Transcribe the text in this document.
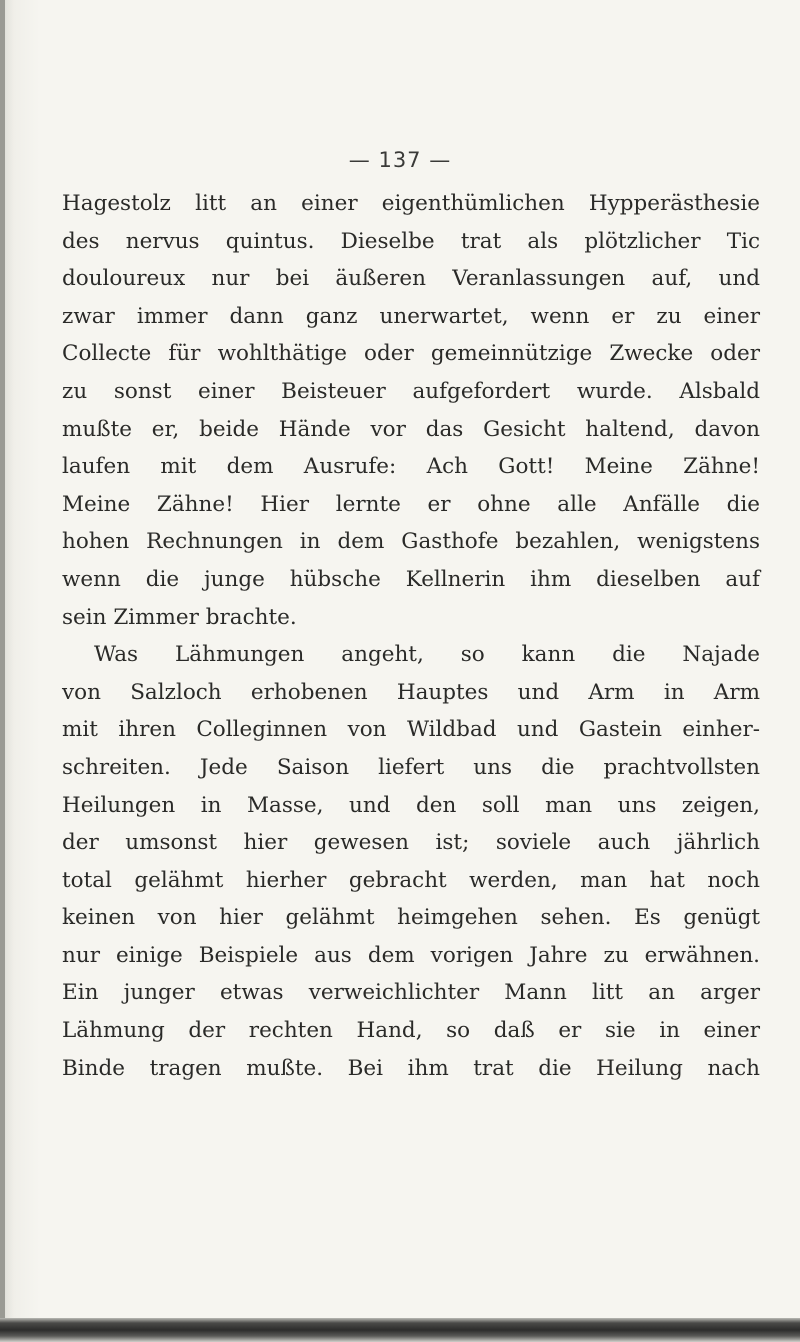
— 137 —
Hagestolz litt an einer eigenthümlichen Hypperästhesie
des nervus quintus. Dieselbe trat als plötzlicher Tic
douloureux nur bei äußeren Veranlassungen auf, und
zwar immer dann ganz unerwartet, wenn er zu einer
Collecte für wohlthätige oder gemeinnützige Zwecke oder
zu sonst einer Beisteuer aufgefordert wurde. Alsbald
mußte er, beide Hände vor das Gesicht haltend, davon
laufen mit dem Ausrufe: Ach Gott! Meine Zähne!
Meine Zähne! Hier lernte er ohne alle Anfälle die
hohen Rechnungen in dem Gasthofe bezahlen, wenigstens
wenn die junge hübsche Kellnerin ihm dieselben auf
sein Zimmer brachte.
Was Lähmungen angeht, so kann die Najade
von Salzloch erhobenen Hauptes und Arm in Arm
mit ihren Colleginnen von Wildbad und Gastein einher-
schreiten. Jede Saison liefert uns die prachtvollsten
Heilungen in Masse, und den soll man uns zeigen,
der umsonst hier gewesen ist; soviele auch jährlich
total gelähmt hierher gebracht werden, man hat noch
keinen von hier gelähmt heimgehen sehen. Es genügt
nur einige Beispiele aus dem vorigen Jahre zu erwähnen.
Ein junger etwas verweichlichter Mann litt an arger
Lähmung der rechten Hand, so daß er sie in einer
Binde tragen mußte. Bei ihm trat die Heilung nach
